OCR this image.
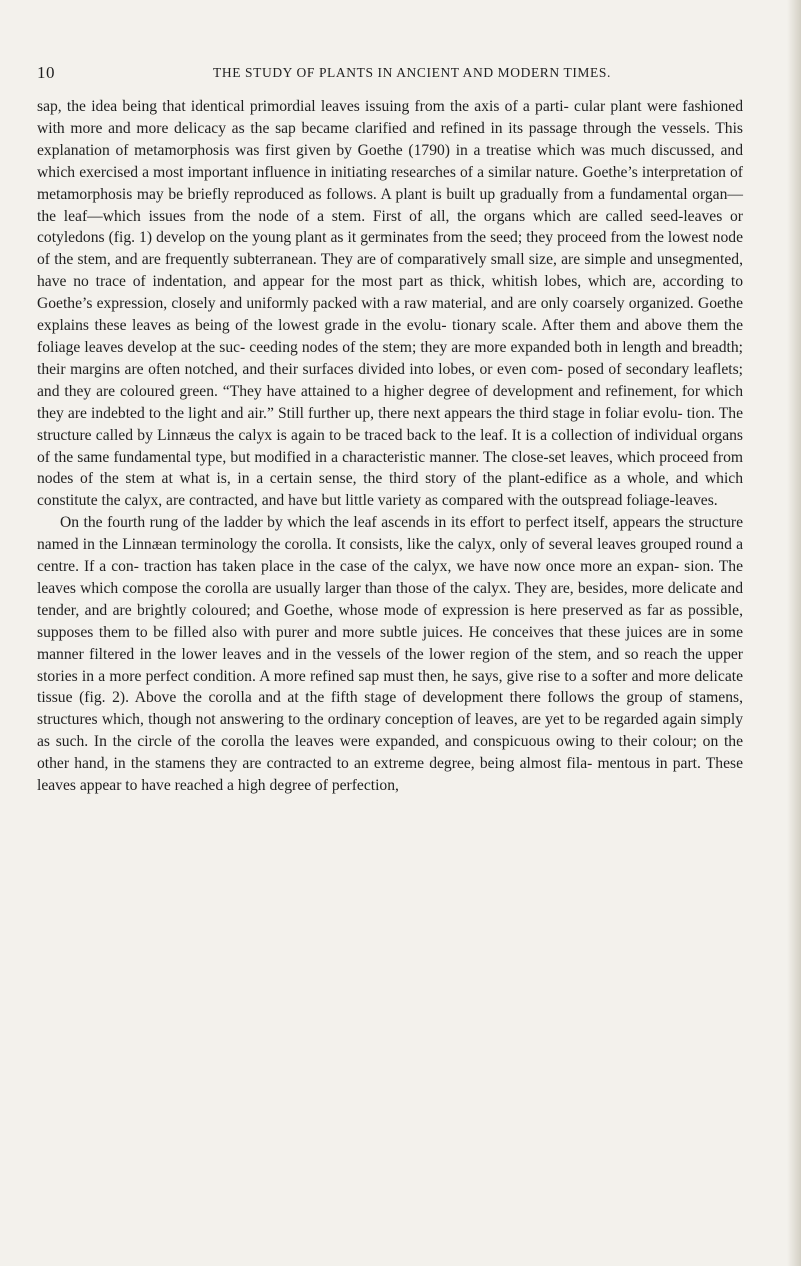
10	THE STUDY OF PLANTS IN ANCIENT AND MODERN TIMES.

sap, the idea being that identical primordial leaves issuing from the axis of a parti- cular plant were fashioned with more and more delicacy as the sap became clarified and refined in its passage through the vessels. This explanation of metamorphosis was first given by Goethe (1790) in a treatise which was much discussed, and which exercised a most important influence in initiating researches of a similar nature. Goethe’s interpretation of metamorphosis may be briefly reproduced as follows. A plant is built up gradually from a fundamental organ—the leaf—which issues from the node of a stem. First of all, the organs which are called seed-leaves or cotyledons (fig. 1) develop on the young plant as it germinates from the seed; they proceed from the lowest node of the stem, and are frequently subterranean. They are of comparatively small size, are simple and unsegmented, have no trace of indentation, and appear for the most part as thick, whitish lobes, which are, according to Goethe’s expression, closely and uniformly packed with a raw material, and are only coarsely organized. Goethe explains these leaves as being of the lowest grade in the evolu- tionary scale. After them and above them the foliage leaves develop at the suc- ceeding nodes of the stem; they are more expanded both in length and breadth; their margins are often notched, and their surfaces divided into lobes, or even com- posed of secondary leaflets; and they are coloured green. “They have attained to a higher degree of development and refinement, for which they are indebted to the light and air.” Still further up, there next appears the third stage in foliar evolu- tion. The structure called by Linnæus the calyx is again to be traced back to the leaf. It is a collection of individual organs of the same fundamental type, but modified in a characteristic manner. The close-set leaves, which proceed from nodes of the stem at what is, in a certain sense, the third story of the plant-edifice as a whole, and which constitute the calyx, are contracted, and have but little variety as compared with the outspread foliage-leaves.

On the fourth rung of the ladder by which the leaf ascends in its effort to perfect itself, appears the structure named in the Linnæan terminology the corolla. It consists, like the calyx, only of several leaves grouped round a centre. If a con- traction has taken place in the case of the calyx, we have now once more an expan- sion. The leaves which compose the corolla are usually larger than those of the calyx. They are, besides, more delicate and tender, and are brightly coloured; and Goethe, whose mode of expression is here preserved as far as possible, supposes them to be filled also with purer and more subtle juices. He conceives that these juices are in some manner filtered in the lower leaves and in the vessels of the lower region of the stem, and so reach the upper stories in a more perfect condition. A more refined sap must then, he says, give rise to a softer and more delicate tissue (fig. 2). Above the corolla and at the fifth stage of development there follows the group of stamens, structures which, though not answering to the ordinary conception of leaves, are yet to be regarded again simply as such. In the circle of the corolla the leaves were expanded, and conspicuous owing to their colour; on the other hand, in the stamens they are contracted to an extreme degree, being almost fila- mentous in part. These leaves appear to have reached a high degree of perfection,
